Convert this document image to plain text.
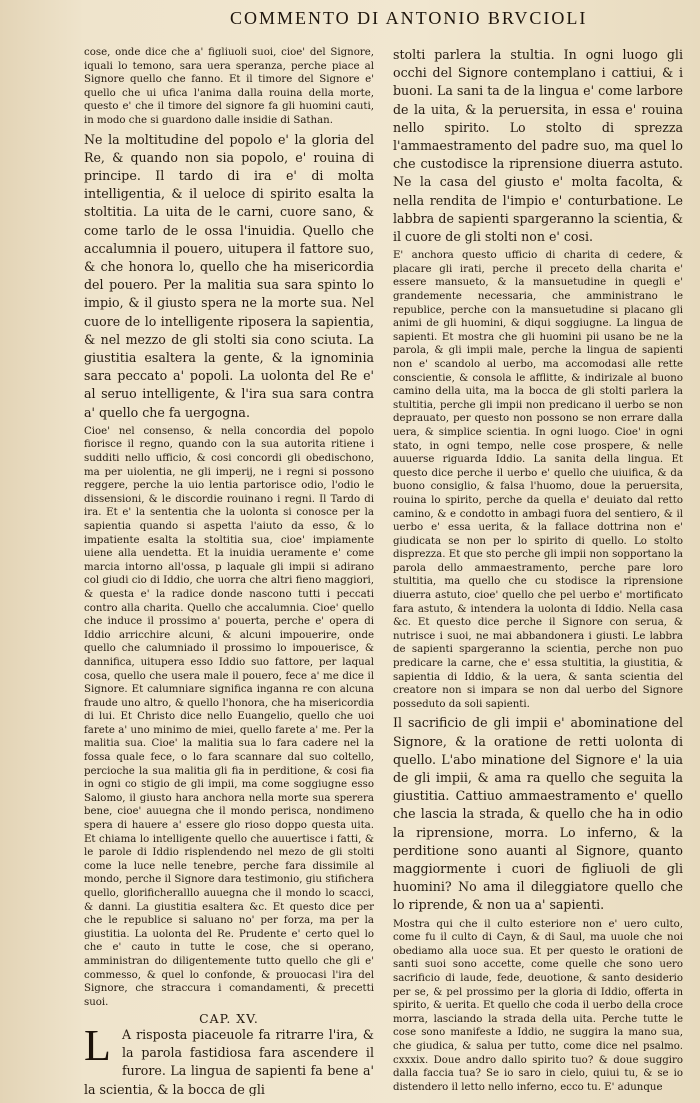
COMMENTO DI ANTONIO BRVCIOLI

cose, onde dice che a' figliuoli suoi, cioe' del Signore, iquali lo temono, sara uera speranza, perche piace al Signore quello che fanno. Et il timore del Signore e' quello che ui ufica l'anima dalla rouina della morte, questo e' che il timore del signore fa gli huomini cauti, in modo che si guardono dalle insidie di Sathan.

Ne la moltitudine del popolo e' la gloria del Re, & quando non sia popolo, e' rouina di principe. Il tardo di ira e' di molta intelligentia, & il ueloce di spirito esalta la stoltitia. La uita de le carni, cuore sano, & come tarlo de le ossa l'inuidia. Quello che accalumnia il pouero, uitupera il fattore suo, & che honora lo, quello che ha misericordia del pouero. Per la malitia sua sara spinto lo impio, & il giusto spera ne la morte sua. Nel cuore de lo intelligente riposera la sapientia, & nel mezzo de gli stolti sia cono sciuta. La giustitia esaltera la gente, & la ignominia sara peccato a' popoli. La uolonta del Re e' al seruo intelligente, & l'ira sua sara contra a' quello che fa uergogna.

Cioe' nel consenso, & nella concordia del popolo fiorisce il regno, quando con la sua autorita ritiene i sudditi nello ufficio, & cosi concordi gli obedischono, ma per uiolentia, ne gli imperij, ne i regni si possono reggere, perche la uio lentia partorisce odio, l'odio le dissensioni, & le discordie rouinano i regni. Il Tardo di ira. Et e' la sententia che la uolonta si conosce per la sapientia quando si aspetta l'aiuto da esso, & lo impatiente esalta la stoltitia sua, cioe' impiamente uiene alla uendetta. Et la inuidia ueramente e' come marcia intorno all'ossa, p laquale gli impii si adirano col giudi cio di Iddio, che uorra che altri fieno maggiori, & questa e' la radice donde nascono tutti i peccati contro alla charita. Quello che accalumnia. Cioe' quello che induce il prossimo a' pouerta, perche e' opera di Iddio arricchire alcuni, & alcuni impouerire, onde quello che calumniado il prossimo lo impouerisce, & dannifica, uitupera esso Iddio suo fattore, per laqual cosa, quello che usera male il pouero, fece a' me dice il Signore. Et calumniare significa inganna re con alcuna fraude uno altro, & quello l'honora, che ha misericordia di lui. Et Christo dice nello Euangelio, quello che uoi farete a' uno minimo de miei, quello farete a' me. Per la malitia sua. Cioe' la malitia sua lo fara cadere nel la fossa quale fece, o lo fara scannare dal suo coltello, percioche la sua malitia gli fia in perditione, & cosi fia in ogni co stigio de gli impii, ma come soggiugne esso Salomo, il giusto hara anchora nella morte sua sperera bene, cioe' auuegna che il mondo perisca, nondimeno spera di hauere a' essere glo rioso doppo questa uita. Et chiama lo intelligente quello che auuertisce i fatti, & le parole di Iddio risplendendo nel mezo de gli stolti come la luce nelle tenebre, perche fara dissimile al mondo, perche il Signore dara testimonio, giu stifichera quello, glorificheralllo auuegna che il mondo lo scacci, & danni. La giustitia esaltera &c. Et questo dice per che le republice si saluano no' per forza, ma per la giustitia. La uolonta del Re. Prudente e' certo quel lo che e' cauto in tutte le cose, che si operano, amministran do diligentemente tutto quello che gli e' commesso, & quel lo confonde, & prouocasi l'ira del Signore, che straccura i comandamenti, & precetti suoi.

CAP. XV.

L A risposta piaceuole fa ritrarre l'ira, & la parola fastidiosa fara ascendere il furore. La lingua de sapienti fa bene a' la scientia, & la bocca de gli

stolti parlera la stultia. In ogni luogo gli occhi del Signore contemplano i cattiui, & i buoni. La sani ta de la lingua e' come larbore de la uita, & la peruersita, in essa e' rouina nello spirito. Lo stolto di sprezza l'ammaestramento del padre suo, ma quel lo che custodisce la riprensione diuerra astuto. Ne la casa del giusto e' molta facolta, & nella rendita de l'impio e' conturbatione. Le labbra de sapienti spargeranno la scientia, & il cuore de gli stolti non e' cosi.

E' anchora questo ufficio di charita di cedere, & placare gli irati, perche il preceto della charita e' essere mansueto, & la mansuetudine in quegli e' grandemente necessaria, che amministrano le republice, perche con la mansuetudine si placano gli animi de gli huomini, & diqui soggiugne. La lingua de sapienti. Et mostra che gli huomini pii usano be ne la parola, & gli impii male, perche la lingua de sapienti non e' scandolo al uerbo, ma accomodasi alle rette conscientie, & consola le afflitte, & indirizale al buono camino della uita, ma la bocca de gli stolti parlera la stultitia, perche gli impii non predicano il uerbo se non deprauato, per questo non possono se non errare dalla uera, & simplice scientia. In ogni luogo. Cioe' in ogni stato, in ogni tempo, nelle cose prospere, & nelle auuerse riguarda Iddio. La sanita della lingua. Et questo dice perche il uerbo e' quello che uiuifica, & da buono consiglio, & falsa l'huomo, doue la peruersita, rouina lo spirito, perche da quella e' deuiato dal retto camino, & e condotto in ambagi fuora del sentiero, & il uerbo e' essa uerita, & la fallace dottrina non e' giudicata se non per lo spirito di quello. Lo stolto disprezza. Et que sto perche gli impii non sopportano la parola dello ammaestramento, perche pare loro stultitia, ma quello che cu stodisce la riprensione diuerra astuto, cioe' quello che pel uerbo e' mortificato fara astuto, & intendera la uolonta di Iddio. Nella casa &c. Et questo dice perche il Signore con serua, & nutrisce i suoi, ne mai abbandonera i giusti. Le labbra de sapienti spargeranno la scientia, perche non puo predicare la carne, che e' essa stultitia, la giustitia, & sapientia di Iddio, & la uera, & santa scientia del creatore non si impara se non dal uerbo del Signore posseduto da soli sapienti.

Il sacrificio de gli impii e' abominatione del Signore, & la oratione de retti uolonta di quello. L'abo minatione del Signore e' la uia de gli impii, & ama ra quello che seguita la giustitia. Cattiuo ammaestramento e' quello che lascia la strada, & quello che ha in odio la riprensione, morra. Lo inferno, & la perditione sono auanti al Signore, quanto maggiormente i cuori de figliuoli de gli huomini? No ama il dileggiatore quello che lo riprende, & non ua a' sapienti.

Mostra qui che il culto esteriore non e' uero culto, come fu il culto di Cayn, & di Saul, ma uuole che noi obediamo alla uoce sua. Et per questo le orationi de santi suoi sono accette, come quelle che sono uero sacrificio di laude, fede, deuotione, & santo desiderio per se, & pel prossimo per la gloria di Iddio, offerta in spirito, & uerita. Et quello che coda il uerbo della croce morra, lasciando la strada della uita. Perche tutte le cose sono manifeste a Iddio, ne suggira la mano sua, che giudica, & salua per tutto, come dice nel psalmo. cxxxix. Doue andro dallo spirito tuo? & doue suggiro dalla faccia tua? Se io saro in cielo, quiui tu, & se io distendero il letto nello inferno, ecco tu. E' adunque
